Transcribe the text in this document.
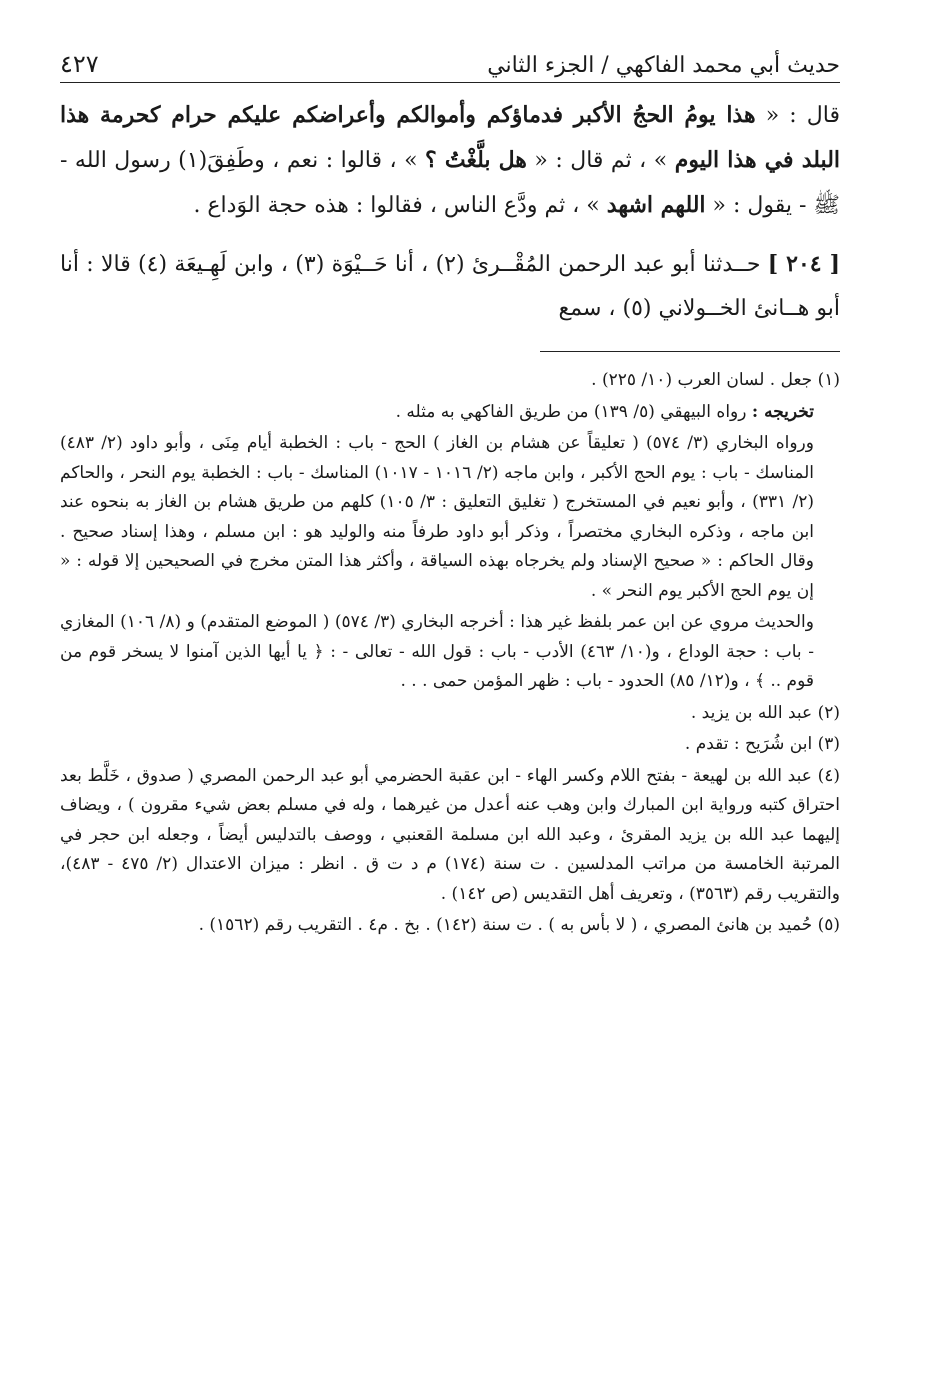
حديث أبي محمد الفاكهي / الجزء الثاني
٤٢٧

قال : « هذا يومُ الحجُ الأكبر فدماؤكم وأموالكم وأعراضكم عليكم حرام كحرمة هذا البلد في هذا اليوم » ، ثم قال : « هل بلَّغْتُ ؟ » ، قالوا : نعم ، وطَفِقَ(١) رسول الله - ﷺ - يقول : « اللهم اشهد » ، ثم ودَّع الناس ، فقالوا : هذه حجة الوَداع .

[ ٢٠٤ ] حــدثنا أبو عبد الرحمن المُقْــرئ (٢) ، أنا حَــيْوَة (٣) ، وابن لَهِـيعَة (٤) قالا : أنا أبو هــانئ الخــولاني (٥) ، سمع

(١) جعل . لسان العرب (١٠/ ٢٢٥) .

تخريجه : رواه البيهقي (٥/ ١٣٩) من طريق الفاكهي به مثله .

ورواه البخاري (٣/ ٥٧٤) ( تعليقاً عن هشام بن الغاز ) الحج - باب : الخطبة أيام مِنَى ، وأبو داود (٢/ ٤٨٣) المناسك - باب : يوم الحج الأكبر ، وابن ماجه (٢/ ١٠١٦ - ١٠١٧) المناسك - باب : الخطبة يوم النحر ، والحاكم (٢/ ٣٣١) ، وأبو نعيم في المستخرج ( تغليق التعليق : ٣/ ١٠٥) كلهم من طريق هشام بن الغاز به بنحوه عند ابن ماجه ، وذكره البخاري مختصراً ، وذكر أبو داود طرفاً منه والوليد هو : ابن مسلم ، وهذا إسناد صحيح . وقال الحاكم : « صحيح الإسناد ولم يخرجاه بهذه السياقة ، وأكثر هذا المتن مخرج في الصحيحين إلا قوله : « إن يوم الحج الأكبر يوم النحر » .

والحديث مروي عن ابن عمر بلفظ غير هذا : أخرجه البخاري (٣/ ٥٧٤) ( الموضع المتقدم) و (٨/ ١٠٦) المغازي - باب : حجة الوداع ، و(١٠/ ٤٦٣) الأدب - باب : قول الله - تعالى - : ﴿ يا أيها الذين آمنوا لا يسخر قوم من قوم .. ﴾ ، و(١٢/ ٨٥) الحدود - باب : ظهر المؤمن حمى . . .

(٢) عبد الله بن يزيد .

(٣) ابن شُرَيح : تقدم .

(٤) عبد الله بن لهيعة - بفتح اللام وكسر الهاء - ابن عقبة الحضرمي أبو عبد الرحمن المصري ( صدوق ، خَلَّط بعد احتراق كتبه ورواية ابن المبارك وابن وهب عنه أعدل من غيرهما ، وله في مسلم بعض شيء مقرون ) ، ويضاف إليهما عبد الله بن يزيد المقرئ ، وعبد الله ابن مسلمة القعنبي ، ووصف بالتدليس أيضاً ، وجعله ابن حجر في المرتبة الخامسة من مراتب المدلسين . ت سنة (١٧٤) م د ت ق . انظر : ميزان الاعتدال (٢/ ٤٧٥ - ٤٨٣)، والتقريب رقم (٣٥٦٣) ، وتعريف أهل التقديس (ص ١٤٢) .

(٥) حُميد بن هانئ المصري ، ( لا بأس به ) . ت سنة (١٤٢) . بخ . م٤ . التقريب رقم (١٥٦٢) .
